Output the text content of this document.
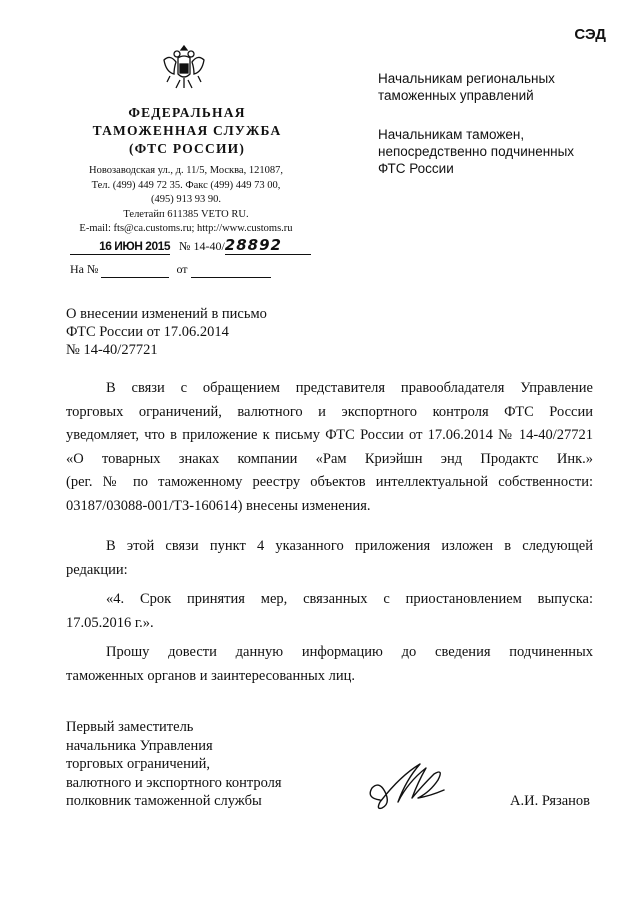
СЭД
ФЕДЕРАЛЬНАЯ
ТАМОЖЕННАЯ СЛУЖБА
(ФТС РОССИИ)
Новозаводская ул., д. 11/5, Москва, 121087,
Тел. (499) 449 72 35. Факс (499) 449 73 00,
(495) 913 93 90.
Телетайп 611385 VETO RU.
E-mail: fts@ca.customs.ru; http://www.customs.ru
16 ИЮН 2015 № 14-40/28892
На №	от
Начальникам региональных
таможенных управлений
Начальникам таможен,
непосредственно подчиненных
ФТС России
О внесении изменений в письмо
ФТС России от 17.06.2014
№ 14-40/27721
В связи с обращением представителя правообладателя Управление
торговых ограничений, валютного и экспортного контроля ФТС России
уведомляет, что в приложение к письму ФТС России от 17.06.2014 № 14-40/27721
«О товарных знаках компании «Рам Криэйшн энд Продактс Инк.»
(рег. № по таможенному реестру объектов интеллектуальной собственности:
03187/03088-001/ТЗ-160614) внесены изменения.
В этой связи пункт 4 указанного приложения изложен в следующей
редакции:
«4. Срок принятия мер, связанных с приостановлением выпуска:
17.05.2016 г.».
Прошу довести данную информацию до сведения подчиненных
таможенных органов и заинтересованных лиц.
Первый заместитель
начальника Управления
торговых ограничений,
валютного и экспортного контроля
полковник таможенной службы	А.И. Рязанов
